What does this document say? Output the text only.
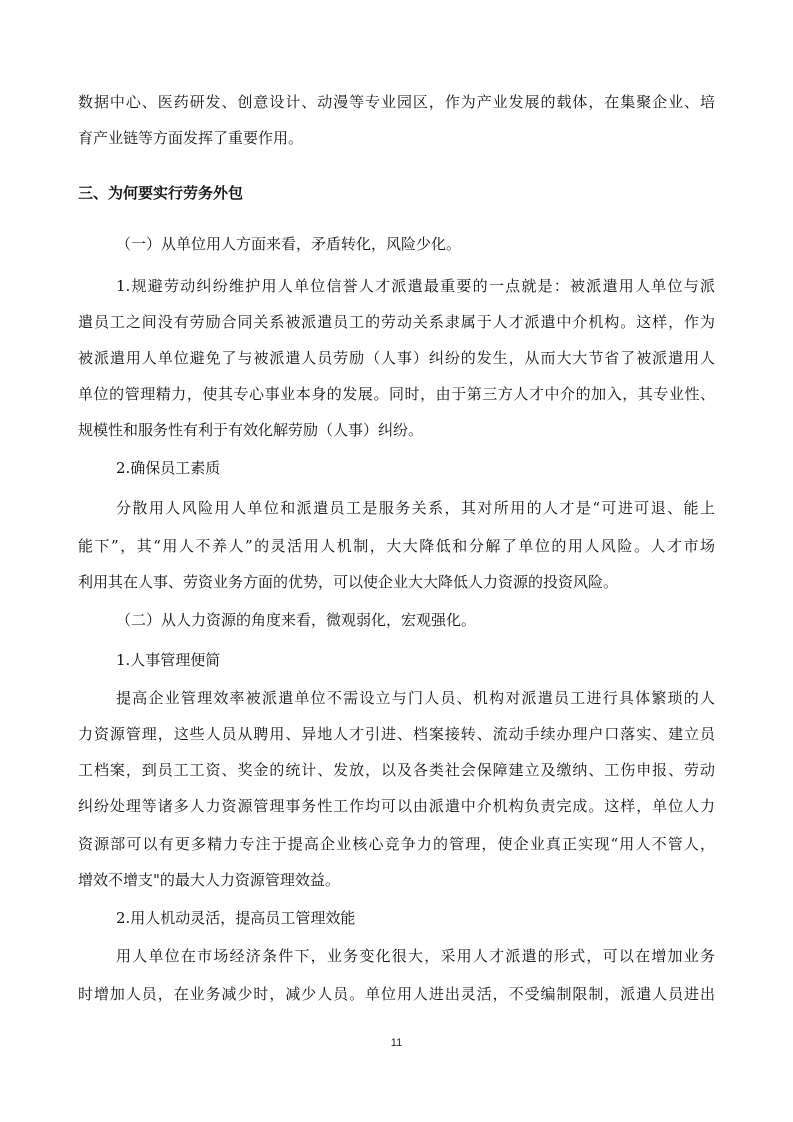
数据中心、医药研发、创意设计、动漫等专业园区，作为产业发展的载体，在集聚企业、培
育产业链等方面发挥了重要作用。
三、为何要实行劳务外包
（一）从单位用人方面来看，矛盾转化，风险少化。
1.规避劳动纠纷维护用人单位信誉人才派遣最重要的一点就是：被派遣用人单位与派
遣员工之间没有劳励合同关系被派遣员工的劳动关系隶属于人才派遣中介机构。这样，作为
被派遣用人单位避免了与被派遣人员劳励（人事）纠纷的发生，从而大大节省了被派遣用人
单位的管理精力，使其专心事业本身的发展。同时，由于第三方人才中介的加入，其专业性、
规模性和服务性有利于有效化解劳励（人事）纠纷。
2.确保员工素质
分散用人风险用人单位和派遣员工是服务关系，其对所用的人才是“可进可退、能上
能下”，其“用人不养人”的灵活用人机制，大大降低和分解了单位的用人风险。人才市场
利用其在人事、劳资业务方面的优势，可以使企业大大降低人力资源的投资风险。
（二）从人力资源的角度来看，微观弱化，宏观强化。
1.人事管理便简
提高企业管理效率被派遣单位不需设立与门人员、机构对派遣员工进行具体繁琐的人
力资源管理，这些人员从聘用、异地人才引进、档案接转、流动手续办理户口落实、建立员
工档案，到员工工资、奖金的统计、发放，以及各类社会保障建立及缴纳、工伤申报、劳动
纠纷处理等诸多人力资源管理事务性工作均可以由派遣中介机构负责完成。这样，单位人力
资源部可以有更多精力专注于提高企业核心竞争力的管理，使企业真正实现“用人不管人，
增效不增支"的最大人力资源管理效益。
2.用人机动灵活，提高员工管理效能
用人单位在市场经济条件下，业务变化很大，采用人才派遣的形式，可以在增加业务
时增加人员，在业务减少时，减少人员。单位用人进出灵活，不受编制限制，派遣人员进出
11
